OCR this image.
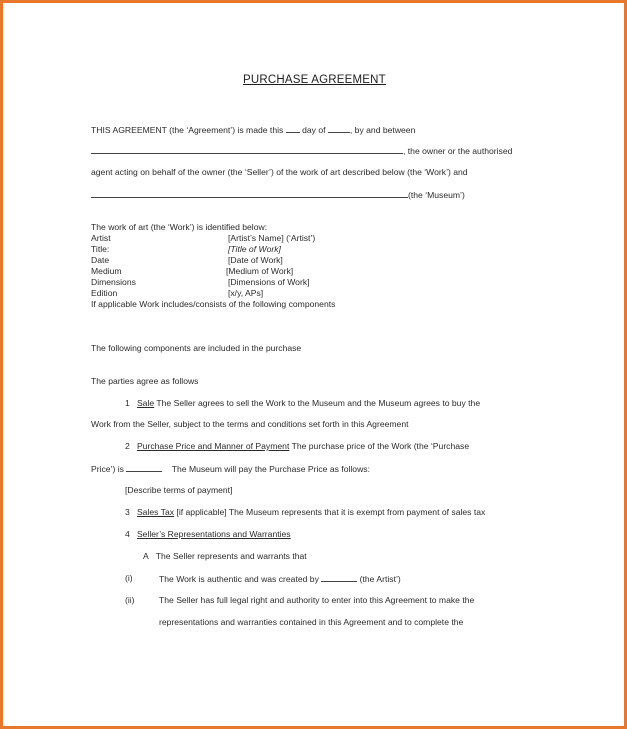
PURCHASE AGREEMENT
THIS AGREEMENT (the ‘Agreement’) is made this day of	, by and between
, the owner or the authorised
agent acting on behalf of the owner (the ‘Seller’) of the work of art described below (the ‘Work’) and
(the ‘Museum’)
The work of art (the ‘Work’) is identified below:
Artist	[Artist’s Name] (‘Artist’)
Title:	[Title of Work]
Date	[Date of Work]
Medium	[Medium of Work]
Dimensions	[Dimensions of Work]
Edition	[x/y, APs]
If applicable Work includes/consists of the following components
The following components are included in the purchase
The parties agree as follows
1 Sale The Seller agrees to sell the Work to the Museum and the Museum agrees to buy the
Work from the Seller, subject to the terms and conditions set forth in this Agreement
2 Purchase Price and Manner of Payment The purchase price of the Work (the ‘Purchase
Price’) is	The Museum will pay the Purchase Price as follows:
[Describe terms of payment]
3 Sales Tax [if applicable] The Museum represents that it is exempt from payment of sales tax
4 Seller’s Representations and Warranties
A The Seller represents and warrants that
(i)	The Work is authentic and was created by	(the Artist’)
(ii)	The Seller has full legal right and authority to enter into this Agreement to make the
representations and warranties contained in this Agreement and to complete the
